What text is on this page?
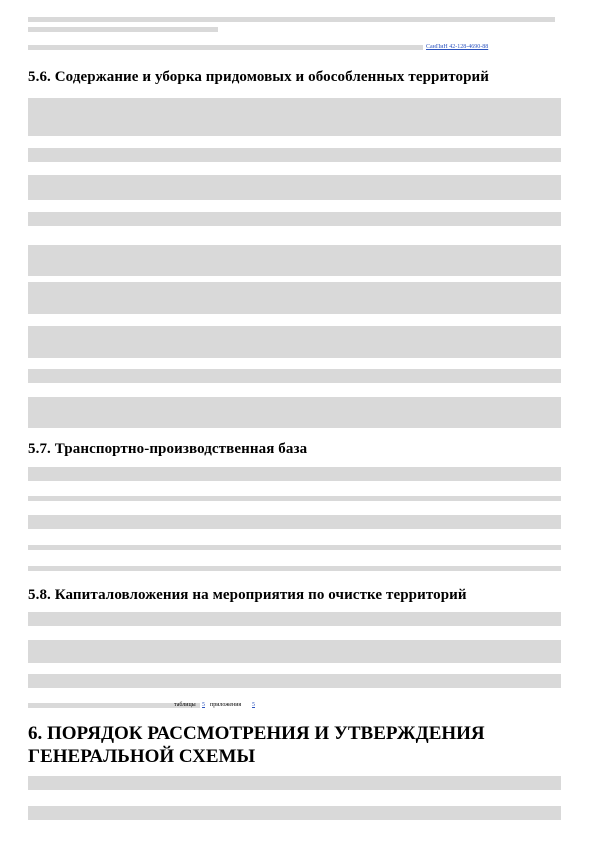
СанПиН 42-128-4690-88
5.6. Содержание и уборка придомовых и обособленных территорий
5.7. Транспортно-производственная база
5.8. Капиталовложения на мероприятия по очистке территорий
таблицы 5 приложения 5
6. ПОРЯДОК РАССМОТРЕНИЯ И УТВЕРЖДЕНИЯ
ГЕНЕРАЛЬНОЙ СХЕМЫ
